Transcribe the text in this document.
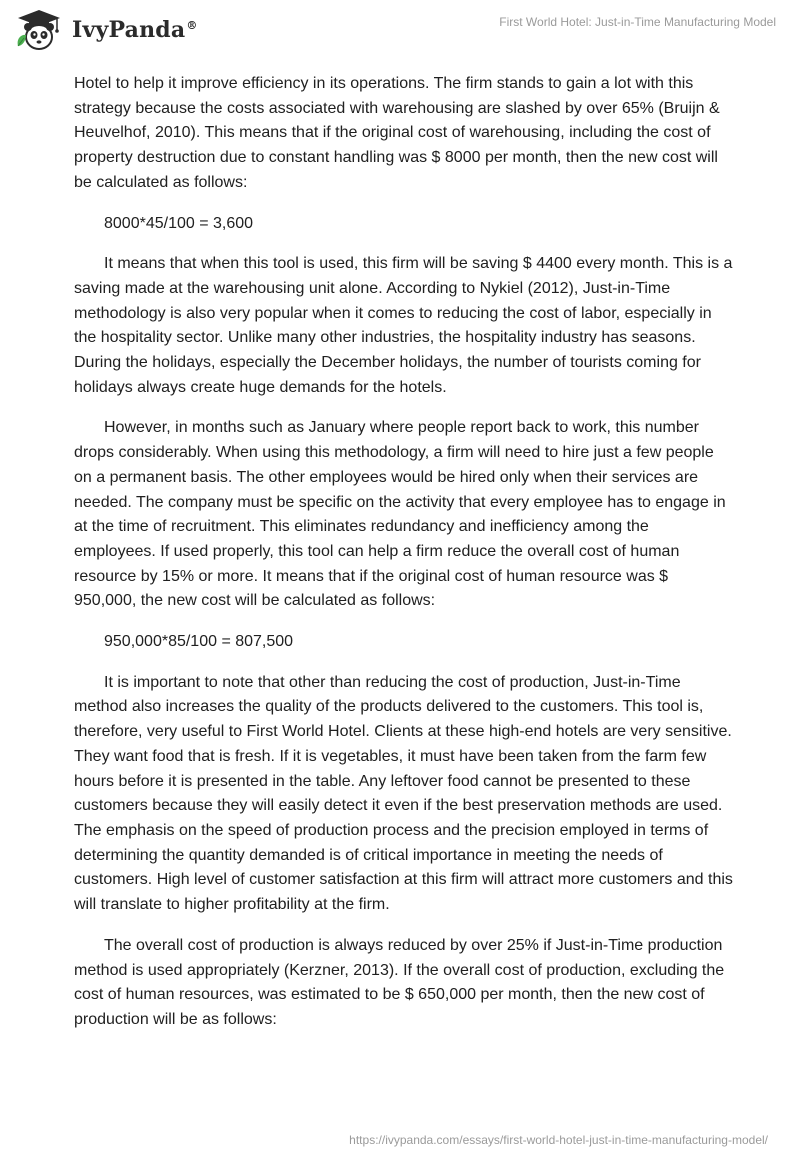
IvyPanda®	First World Hotel: Just-in-Time Manufacturing Model

Hotel to help it improve efficiency in its operations. The firm stands to gain a lot with this strategy because the costs associated with warehousing are slashed by over 65% (Bruijn & Heuvelhof, 2010). This means that if the original cost of warehousing, including the cost of property destruction due to constant handling was $ 8000 per month, then the new cost will be calculated as follows:

8000*45/100 = 3,600

It means that when this tool is used, this firm will be saving $ 4400 every month. This is a saving made at the warehousing unit alone. According to Nykiel (2012), Just-in-Time methodology is also very popular when it comes to reducing the cost of labor, especially in the hospitality sector. Unlike many other industries, the hospitality industry has seasons. During the holidays, especially the December holidays, the number of tourists coming for holidays always create huge demands for the hotels.

However, in months such as January where people report back to work, this number drops considerably. When using this methodology, a firm will need to hire just a few people on a permanent basis. The other employees would be hired only when their services are needed. The company must be specific on the activity that every employee has to engage in at the time of recruitment. This eliminates redundancy and inefficiency among the employees. If used properly, this tool can help a firm reduce the overall cost of human resource by 15% or more. It means that if the original cost of human resource was $ 950,000, the new cost will be calculated as follows:

950,000*85/100 = 807,500

It is important to note that other than reducing the cost of production, Just-in-Time method also increases the quality of the products delivered to the customers. This tool is, therefore, very useful to First World Hotel. Clients at these high-end hotels are very sensitive. They want food that is fresh. If it is vegetables, it must have been taken from the farm few hours before it is presented in the table. Any leftover food cannot be presented to these customers because they will easily detect it even if the best preservation methods are used. The emphasis on the speed of production process and the precision employed in terms of determining the quantity demanded is of critical importance in meeting the needs of customers. High level of customer satisfaction at this firm will attract more customers and this will translate to higher profitability at the firm.

The overall cost of production is always reduced by over 25% if Just-in-Time production method is used appropriately (Kerzner, 2013). If the overall cost of production, excluding the cost of human resources, was estimated to be $ 650,000 per month, then the new cost of production will be as follows:

https://ivypanda.com/essays/first-world-hotel-just-in-time-manufacturing-model/
